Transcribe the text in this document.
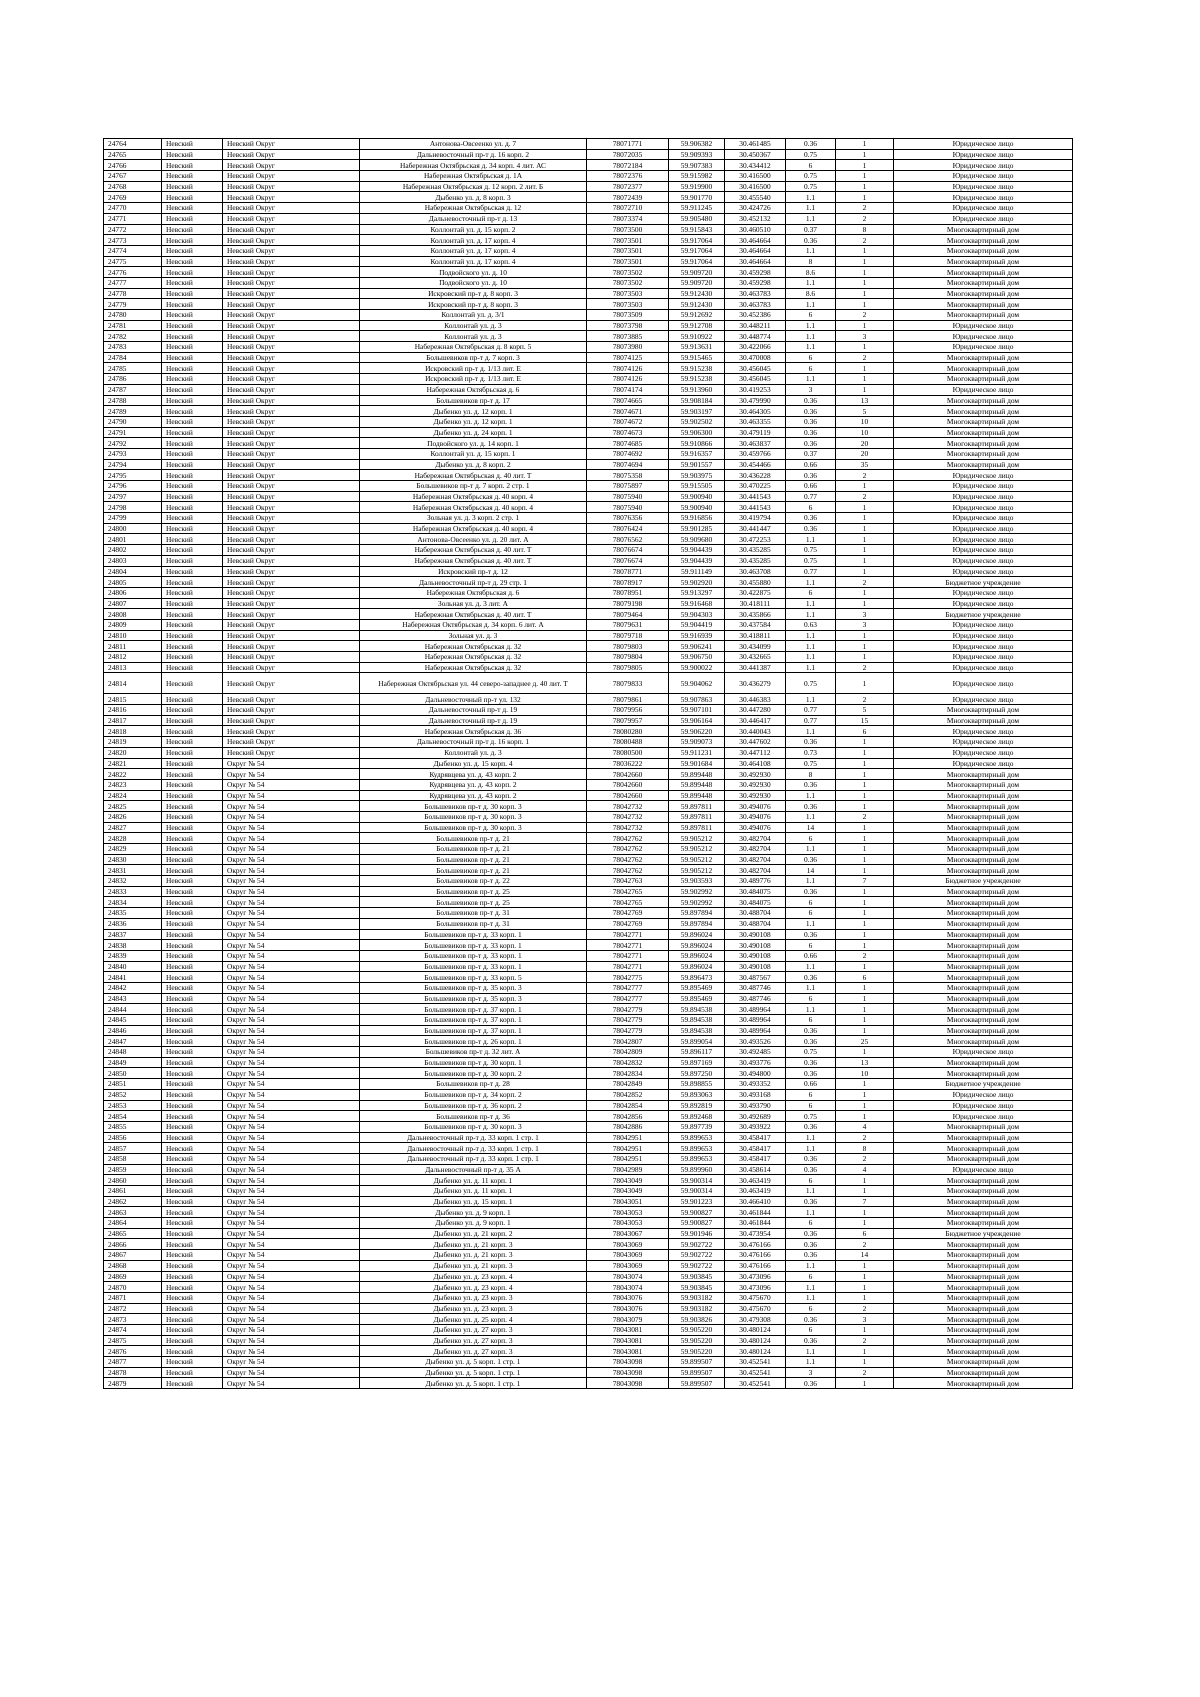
24764	Невский	Невский Округ	Антонова-Овсеенко ул. д. 7	78071771	59.906382	30.461485	0.36	1	Юридическое лицо
24765	Невский	Невский Округ	Дальневосточный пр-т д. 16 корп. 2	78072035	59.909393	30.450367	0.75	1	Юридическое лицо
24766	Невский	Невский Округ	Набережная Октябрьская д. 34 корп. 4 лит. АС	78072184	59.907383	30.434412	6	1	Юридическое лицо
24767	Невский	Невский Округ	Набережная Октябрьская д. 1А	78072376	59.915982	30.416500	0.75	1	Юридическое лицо
24768	Невский	Невский Округ	Набережная Октябрьская д. 12 корп. 2 лит. Б	78072377	59.919900	30.416500	0.75	1	Юридическое лицо
24769	Невский	Невский Округ	Дыбенко ул. д. 8 корп. 3	78072439	59.901770	30.455540	1.1	1	Юридическое лицо
24770	Невский	Невский Округ	Набережная Октябрьская д. 12	78072710	59.911245	30.424726	1.1	2	Юридическое лицо
24771	Невский	Невский Округ	Дальневосточный пр-т д. 13	78073374	59.905480	30.452132	1.1	2	Юридическое лицо
24772	Невский	Невский Округ	Коллонтай ул. д. 15 корп. 2	78073500	59.915843	30.460510	0.37	8	Многоквартирный дом
24773	Невский	Невский Округ	Коллонтай ул. д. 17 корп. 4	78073501	59.917064	30.464664	0.36	2	Многоквартирный дом
24774	Невский	Невский Округ	Коллонтай ул. д. 17 корп. 4	78073501	59.917064	30.464664	1.1	1	Многоквартирный дом
24775	Невский	Невский Округ	Коллонтай ул. д. 17 корп. 4	78073501	59.917064	30.464664	8	1	Многоквартирный дом
24776	Невский	Невский Округ	Подвойского ул. д. 10	78073502	59.909720	30.459298	8.6	1	Многоквартирный дом
24777	Невский	Невский Округ	Подвойского ул. д. 10	78073502	59.909720	30.459298	1.1	1	Многоквартирный дом
24778	Невский	Невский Округ	Искровский пр-т д. 8 корп. 3	78073503	59.912430	30.463783	8.6	1	Многоквартирный дом
24779	Невский	Невский Округ	Искровский пр-т д. 8 корп. 3	78073503	59.912430	30.463783	1.1	1	Многоквартирный дом
24780	Невский	Невский Округ	Коллонтай ул. д. 3/1	78073509	59.912692	30.452386	6	2	Многоквартирный дом
24781	Невский	Невский Округ	Коллонтай ул. д. 3	78073798	59.912708	30.448211	1.1	1	Юридическое лицо
24782	Невский	Невский Округ	Коллонтай ул. д. 3	78073885	59.910922	30.448774	1.1	3	Юридическое лицо
24783	Невский	Невский Округ	Набережная Октябрьская д. 8 корп. 5	78073980	59.913631	30.422066	1.1	1	Юридическое лицо
24784	Невский	Невский Округ	Большевиков пр-т д. 7 корп. 3	78074125	59.915465	30.470008	6	2	Многоквартирный дом
24785	Невский	Невский Округ	Искровский пр-т д. 1/13 лит. Е	78074126	59.915238	30.456045	6	1	Многоквартирный дом
24786	Невский	Невский Округ	Искровский пр-т д. 1/13 лит. Е	78074126	59.915238	30.456045	1.1	1	Многоквартирный дом
24787	Невский	Невский Округ	Набережная Октябрьская д. 6	78074174	59.913960	30.419253	3	1	Юридическое лицо
24788	Невский	Невский Округ	Большевиков пр-т д. 17	78074665	59.908184	30.479990	0.36	13	Многоквартирный дом
24789	Невский	Невский Округ	Дыбенко ул. д. 12 корп. 1	78074671	59.903197	30.464305	0.36	5	Многоквартирный дом
24790	Невский	Невский Округ	Дыбенко ул. д. 12 корп. 1	78074672	59.902502	30.463355	0.36	10	Многоквартирный дом
24791	Невский	Невский Округ	Дыбенко ул. д. 24 корп. 1	78074673	59.906300	30.479119	0.36	10	Многоквартирный дом
24792	Невский	Невский Округ	Подвойского ул. д. 14 корп. 1	78074685	59.910866	30.463837	0.36	20	Многоквартирный дом
24793	Невский	Невский Округ	Коллонтай ул. д. 15 корп. 1	78074692	59.916357	30.459766	0.37	20	Многоквартирный дом
24794	Невский	Невский Округ	Дыбенко ул. д. 8 корп. 2	78074694	59.901557	30.454466	0.66	35	Многоквартирный дом
24795	Невский	Невский Округ	Набережная Октябрьская д. 40 лит. Т	78075358	59.903975	30.436228	0.36	2	Юридическое лицо
24796	Невский	Невский Округ	Большевиков пр-т д. 7 корп. 2 стр. 1	78075897	59.915505	30.470225	0.66	1	Юридическое лицо
24797	Невский	Невский Округ	Набережная Октябрьская д. 40 корп. 4	78075940	59.900940	30.441543	0.77	2	Юридическое лицо
24798	Невский	Невский Округ	Набережная Октябрьская д. 40 корп. 4	78075940	59.900940	30.441543	6	1	Юридическое лицо
24799	Невский	Невский Округ	Зольная ул. д. 3 корп. 2 стр. 1	78076356	59.916856	30.419794	0.36	1	Юридическое лицо
24800	Невский	Невский Округ	Набережная Октябрьская д. 40 корп. 4	78076424	59.901285	30.441447	0.36	1	Юридическое лицо
24801	Невский	Невский Округ	Антонова-Овсеенко ул. д. 20 лит. А	78076562	59.909680	30.472253	1.1	1	Юридическое лицо
24802	Невский	Невский Округ	Набережная Октябрьская д. 40 лит. Т	78076674	59.904439	30.435285	0.75	1	Юридическое лицо
24803	Невский	Невский Округ	Набережная Октябрьская д. 40 лит. Т	78076674	59.904439	30.435285	0.75	1	Юридическое лицо
24804	Невский	Невский Округ	Искровский пр-т д. 12	78078771	59.911149	30.463708	0.77	1	Юридическое лицо
24805	Невский	Невский Округ	Дальневосточный пр-т д. 29 стр. 1	78078917	59.902920	30.455880	1.1	2	Бюджетное учреждение
24806	Невский	Невский Округ	Набережная Октябрьская д. 6	78078951	59.913297	30.422875	6	1	Юридическое лицо
24807	Невский	Невский Округ	Зольная ул. д. 3 лит. А	78079198	59.916468	30.418111	1.1	1	Юридическое лицо
24808	Невский	Невский Округ	Набережная Октябрьская д. 40 лит. Т	78079464	59.904303	30.435866	1.1	3	Бюджетное учреждение
24809	Невский	Невский Округ	Набережная Октябрьская д. 34 корп. 6 лит. А	78079631	59.904419	30.437584	0.63	3	Юридическое лицо
24810	Невский	Невский Округ	Зольная ул. д. 3	78079718	59.916939	30.418811	1.1	1	Юридическое лицо
24811	Невский	Невский Округ	Набережная Октябрьская д. 32	78079803	59.906241	30.434099	1.1	1	Юридическое лицо
24812	Невский	Невский Округ	Набережная Октябрьская д. 32	78079804	59.906750	30.432665	1.1	1	Юридическое лицо
24813	Невский	Невский Округ	Набережная Октябрьская д. 32	78079805	59.900022	30.441387	1.1	2	Юридическое лицо
24814	Невский	Невский Округ	Набережная Октябрьская ул. 44 северо-западнее д. 40 лит. Т	78079833	59.904062	30.436279	0.75	1	Юридическое лицо
24815	Невский	Невский Округ	Дальневосточный пр-т ул. 132	78079861	59.907863	30.446383	1.1	2	Юридическое лицо
24816	Невский	Невский Округ	Дальневосточный пр-т д. 19	78079956	59.907101	30.447280	0.77	5	Многоквартирный дом
24817	Невский	Невский Округ	Дальневосточный пр-т д. 19	78079957	59.906164	30.446417	0.77	15	Многоквартирный дом
24818	Невский	Невский Округ	Набережная Октябрьская д. 36	78080280	59.906220	30.440043	1.1	6	Юридическое лицо
24819	Невский	Невский Округ	Дальневосточный пр-т д. 16 корп. 1	78080488	59.909073	30.447602	0.36	1	Юридическое лицо
24820	Невский	Невский Округ	Коллонтай ул. д. 3	78080500	59.911231	30.447112	0.73	1	Юридическое лицо
24821	Невский	Округ № 54	Дыбенко ул. д. 15 корп. 4	78036222	59.901684	30.464108	0.75	1	Юридическое лицо
24822	Невский	Округ № 54	Кудрявцева ул. д. 43 корп. 2	78042660	59.899448	30.492930	8	1	Многоквартирный дом
24823	Невский	Округ № 54	Кудрявцева ул. д. 43 корп. 2	78042660	59.899448	30.492930	0.36	1	Многоквартирный дом
24824	Невский	Округ № 54	Кудрявцева ул. д. 43 корп. 2	78042660	59.899448	30.492930	1.1	1	Многоквартирный дом
24825	Невский	Округ № 54	Большевиков пр-т д. 30 корп. 3	78042732	59.897811	30.494076	0.36	1	Многоквартирный дом
24826	Невский	Округ № 54	Большевиков пр-т д. 30 корп. 3	78042732	59.897811	30.494076	1.1	2	Многоквартирный дом
24827	Невский	Округ № 54	Большевиков пр-т д. 30 корп. 3	78042732	59.897811	30.494076	14	1	Многоквартирный дом
24828	Невский	Округ № 54	Большевиков пр-т д. 21	78042762	59.905212	30.482704	6	1	Многоквартирный дом
24829	Невский	Округ № 54	Большевиков пр-т д. 21	78042762	59.905212	30.482704	1.1	1	Многоквартирный дом
24830	Невский	Округ № 54	Большевиков пр-т д. 21	78042762	59.905212	30.482704	0.36	1	Многоквартирный дом
24831	Невский	Округ № 54	Большевиков пр-т д. 21	78042762	59.905212	30.482704	14	1	Многоквартирный дом
24832	Невский	Округ № 54	Большевиков пр-т д. 22	78042763	59.903593	30.489776	1.1	7	Бюджетное учреждение
24833	Невский	Округ № 54	Большевиков пр-т д. 25	78042765	59.902992	30.484075	0.36	1	Многоквартирный дом
24834	Невский	Округ № 54	Большевиков пр-т д. 25	78042765	59.902992	30.484075	6	1	Многоквартирный дом
24835	Невский	Округ № 54	Большевиков пр-т д. 31	78042769	59.897894	30.488704	6	1	Многоквартирный дом
24836	Невский	Округ № 54	Большевиков пр-т д. 31	78042769	59.897894	30.488704	1.1	1	Многоквартирный дом
24837	Невский	Округ № 54	Большевиков пр-т д. 33 корп. 1	78042771	59.896024	30.490108	0.36	1	Многоквартирный дом
24838	Невский	Округ № 54	Большевиков пр-т д. 33 корп. 1	78042771	59.896024	30.490108	6	1	Многоквартирный дом
24839	Невский	Округ № 54	Большевиков пр-т д. 33 корп. 1	78042771	59.896024	30.490108	0.66	2	Многоквартирный дом
24840	Невский	Округ № 54	Большевиков пр-т д. 33 корп. 1	78042771	59.896024	30.490108	1.1	1	Многоквартирный дом
24841	Невский	Округ № 54	Большевиков пр-т д. 33 корп. 5	78042775	59.896473	30.487567	0.36	6	Многоквартирный дом
24842	Невский	Округ № 54	Большевиков пр-т д. 35 корп. 3	78042777	59.895469	30.487746	1.1	1	Многоквартирный дом
24843	Невский	Округ № 54	Большевиков пр-т д. 35 корп. 3	78042777	59.895469	30.487746	6	1	Многоквартирный дом
24844	Невский	Округ № 54	Большевиков пр-т д. 37 корп. 1	78042779	59.894538	30.489964	1.1	1	Многоквартирный дом
24845	Невский	Округ № 54	Большевиков пр-т д. 37 корп. 1	78042779	59.894538	30.489964	6	1	Многоквартирный дом
24846	Невский	Округ № 54	Большевиков пр-т д. 37 корп. 1	78042779	59.894538	30.489964	0.36	1	Многоквартирный дом
24847	Невский	Округ № 54	Большевиков пр-т д. 26 корп. 1	78042807	59.899054	30.493526	0.36	25	Многоквартирный дом
24848	Невский	Округ № 54	Большевиков пр-т д. 32 лит. А	78042809	59.896117	30.492485	0.75	1	Юридическое лицо
24849	Невский	Округ № 54	Большевиков пр-т д. 30 корп. 1	78042832	59.897169	30.493776	0.36	13	Многоквартирный дом
24850	Невский	Округ № 54	Большевиков пр-т д. 30 корп. 2	78042834	59.897250	30.494800	0.36	10	Многоквартирный дом
24851	Невский	Округ № 54	Большевиков пр-т д. 28	78042849	59.898855	30.493352	0.66	1	Бюджетное учреждение
24852	Невский	Округ № 54	Большевиков пр-т д. 34 корп. 2	78042852	59.893063	30.493168	6	1	Юридическое лицо
24853	Невский	Округ № 54	Большевиков пр-т д. 36 корп. 2	78042854	59.892819	30.493790	6	1	Юридическое лицо
24854	Невский	Округ № 54	Большевиков пр-т д. 36	78042856	59.892468	30.492689	0.75	1	Юридическое лицо
24855	Невский	Округ № 54	Большевиков пр-т д. 30 корп. 3	78042886	59.897739	30.493922	0.36	4	Многоквартирный дом
24856	Невский	Округ № 54	Дальневосточный пр-т д. 33 корп. 1 стр. 1	78042951	59.899653	30.458417	1.1	2	Многоквартирный дом
24857	Невский	Округ № 54	Дальневосточный пр-т д. 33 корп. 1 стр. 1	78042951	59.899653	30.458417	1.1	8	Многоквартирный дом
24858	Невский	Округ № 54	Дальневосточный пр-т д. 33 корп. 1 стр. 1	78042951	59.899653	30.458417	0.36	2	Многоквартирный дом
24859	Невский	Округ № 54	Дальневосточный пр-т д. 35 А	78042989	59.899960	30.458614	0.36	4	Юридическое лицо
24860	Невский	Округ № 54	Дыбенко ул. д. 11 корп. 1	78043049	59.900314	30.463419	6	1	Многоквартирный дом
24861	Невский	Округ № 54	Дыбенко ул. д. 11 корп. 1	78043049	59.900314	30.463419	1.1	1	Многоквартирный дом
24862	Невский	Округ № 54	Дыбенко ул. д. 15 корп. 1	78043051	59.901223	30.466410	0.36	7	Многоквартирный дом
24863	Невский	Округ № 54	Дыбенко ул. д. 9 корп. 1	78043053	59.900827	30.461844	1.1	1	Многоквартирный дом
24864	Невский	Округ № 54	Дыбенко ул. д. 9 корп. 1	78043053	59.900827	30.461844	6	1	Многоквартирный дом
24865	Невский	Округ № 54	Дыбенко ул. д. 21 корп. 2	78043067	59.901946	30.473954	0.36	6	Бюджетное учреждение
24866	Невский	Округ № 54	Дыбенко ул. д. 21 корп. 3	78043069	59.902722	30.476166	0.36	2	Многоквартирный дом
24867	Невский	Округ № 54	Дыбенко ул. д. 21 корп. 3	78043069	59.902722	30.476166	0.36	14	Многоквартирный дом
24868	Невский	Округ № 54	Дыбенко ул. д. 21 корп. 3	78043069	59.902722	30.476166	1.1	1	Многоквартирный дом
24869	Невский	Округ № 54	Дыбенко ул. д. 23 корп. 4	78043074	59.903845	30.473096	6	1	Многоквартирный дом
24870	Невский	Округ № 54	Дыбенко ул. д. 23 корп. 4	78043074	59.903845	30.473096	1.1	1	Многоквартирный дом
24871	Невский	Округ № 54	Дыбенко ул. д. 23 корп. 3	78043076	59.903182	30.475670	1.1	1	Многоквартирный дом
24872	Невский	Округ № 54	Дыбенко ул. д. 23 корп. 3	78043076	59.903182	30.475670	6	2	Многоквартирный дом
24873	Невский	Округ № 54	Дыбенко ул. д. 25 корп. 4	78043079	59.903826	30.479308	0.36	3	Многоквартирный дом
24874	Невский	Округ № 54	Дыбенко ул. д. 27 корп. 3	78043081	59.905220	30.480124	6	1	Многоквартирный дом
24875	Невский	Округ № 54	Дыбенко ул. д. 27 корп. 3	78043081	59.905220	30.480124	0.36	2	Многоквартирный дом
24876	Невский	Округ № 54	Дыбенко ул. д. 27 корп. 3	78043081	59.905220	30.480124	1.1	1	Многоквартирный дом
24877	Невский	Округ № 54	Дыбенко ул. д. 5 корп. 1 стр. 1	78043098	59.899507	30.452541	1.1	1	Многоквартирный дом
24878	Невский	Округ № 54	Дыбенко ул. д. 5 корп. 1 стр. 1	78043098	59.899507	30.452541	3	2	Многоквартирный дом
24879	Невский	Округ № 54	Дыбенко ул. д. 5 корп. 1 стр. 1	78043098	59.899507	30.452541	0.36	1	Многоквартирный дом
